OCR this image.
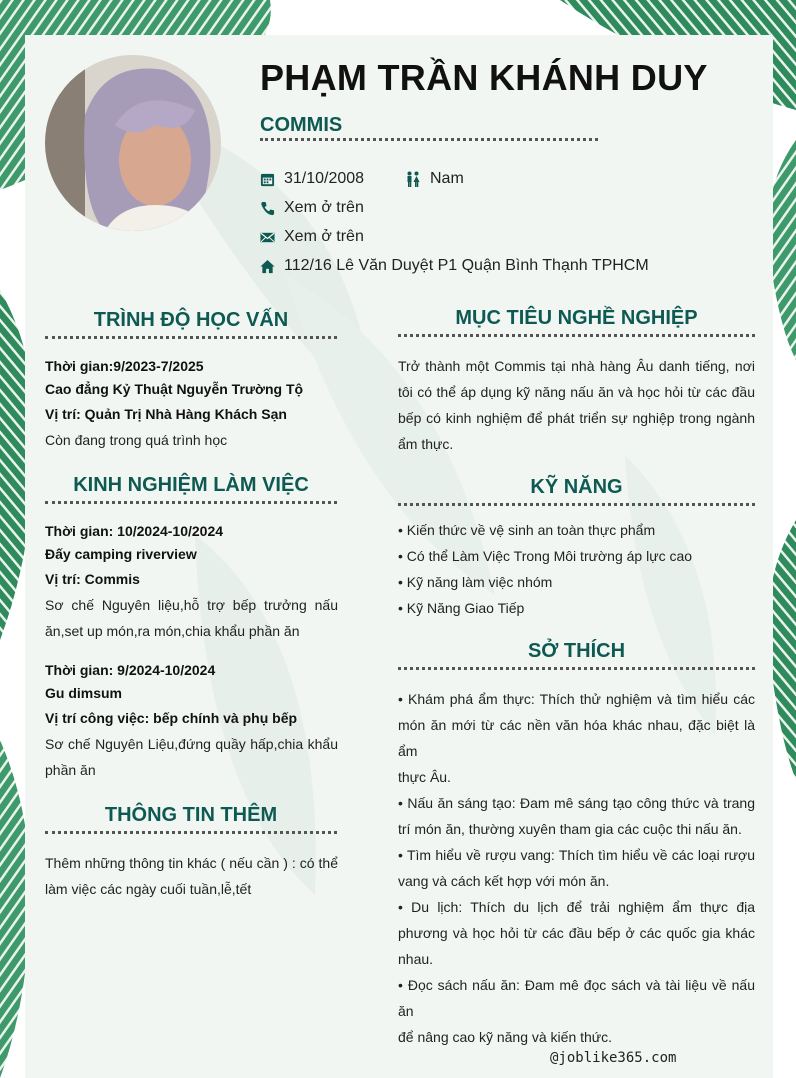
PHẠM TRẦN KHÁNH DUY
COMMIS
31/10/2008	Nam
Xem ở trên
Xem ở trên
112/16 Lê Văn Duyệt P1 Quận Bình Thạnh TPHCM
TRÌNH ĐỘ HỌC VẤN
Thời gian:9/2023-7/2025
Cao đẳng Kỷ Thuật Nguyễn Trường Tộ
Vị trí: Quản Trị Nhà Hàng Khách Sạn
Còn đang trong quá trình học
KINH NGHIỆM LÀM VIỆC
Thời gian: 10/2024-10/2024
Đấy camping riverview
Vị trí: Commis
Sơ chế Nguyên liệu,hỗ trợ bếp trưởng nấu
ăn,set up món,ra món,chia khẩu phần ăn
Thời gian: 9/2024-10/2024
Gu dimsum
Vị trí công việc: bếp chính và phụ bếp
Sơ chế Nguyên Liệu,đứng quầy hấp,chia khẩu
phần ăn
THÔNG TIN THÊM
Thêm những thông tin khác ( nếu cần ) : có thể
làm việc các ngày cuối tuần,lễ,tết
MỤC TIÊU NGHỀ NGHIỆP
Trở thành một Commis tại nhà hàng Âu danh tiếng, nơi
tôi có thể áp dụng kỹ năng nấu ăn và học hỏi từ các đầu
bếp có kinh nghiệm để phát triển sự nghiệp trong ngành
ẩm thực.
KỸ NĂNG
• Kiến thức về vệ sinh an toàn thực phẩm
• Có thể Làm Việc Trong Môi trường áp lực cao
• Kỹ năng làm việc nhóm
• Kỹ Năng Giao Tiếp
SỞ THÍCH
• Khám phá ẩm thực: Thích thử nghiệm và tìm hiểu các
món ăn mới từ các nền văn hóa khác nhau, đặc biệt là ẩm
thực Âu.
• Nấu ăn sáng tạo: Đam mê sáng tạo công thức và trang
trí món ăn, thường xuyên tham gia các cuộc thi nấu ăn.
• Tìm hiểu về rượu vang: Thích tìm hiểu về các loại rượu
vang và cách kết hợp với món ăn.
• Du lịch: Thích du lịch để trải nghiệm ẩm thực địa
phương và học hỏi từ các đầu bếp ở các quốc gia khác
nhau.
• Đọc sách nấu ăn: Đam mê đọc sách và tài liệu về nấu ăn
để nâng cao kỹ năng và kiến thức.
@joblike365.com
